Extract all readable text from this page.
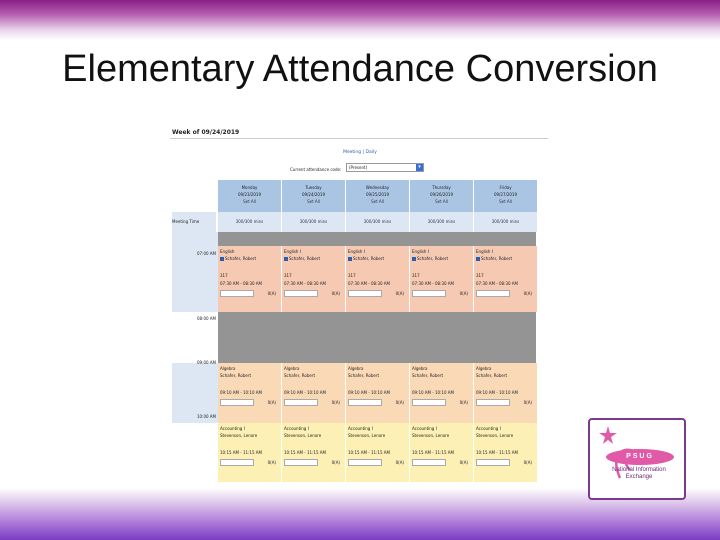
Elementary Attendance Conversion
Week of 09/24/2019
Meeting | Daily
Current attendance code:	(Present)	▾
Meeting Time
07:00 AM
08:00 AM
09:00 AM
10:00 AM
Monday
09/23/2019
Set All
300/300 mins
Tuesday
09/24/2019
Set All
300/300 mins
Wednesday
09/25/2019
Set All
300/300 mins
Thursday
09/26/2019
Set All
300/300 mins
Friday
09/27/2019
Set All
300/300 mins
English
Schafer, Robert
317
07:30 AM - 08:30 AM
0(A)
English I
Schafer, Robert
317
07:30 AM - 08:30 AM
0(A)
English I
Schafer, Robert
317
07:30 AM - 08:30 AM
0(A)
English I
Schafer, Robert
317
07:30 AM - 08:30 AM
0(A)
English I
Schafer, Robert
317
07:30 AM - 08:30 AM
0(A)
Algebra
Schafer, Robert
09:10 AM - 10:10 AM
0(A)
Algebra
Schafer, Robert
09:10 AM - 10:10 AM
0(A)
Algebra
Schafer, Robert
09:10 AM - 10:10 AM
0(A)
Algebra
Schafer, Robert
09:10 AM - 10:10 AM
0(A)
Algebra
Schafer, Robert
09:10 AM - 10:10 AM
0(A)
Accounting I
Stevenson, Lenore
10:15 AM - 11:15 AM
0(A)
Accounting I
Stevenson, Lenore
10:15 AM - 11:15 AM
0(A)
Accounting I
Stevenson, Lenore
10:15 AM - 11:15 AM
0(A)
Accounting I
Stevenson, Lenore
10:15 AM - 11:15 AM
0(A)
Accounting I
Stevenson, Lenore
10:15 AM - 11:15 AM
0(A)
PSUG
National Information
Exchange
